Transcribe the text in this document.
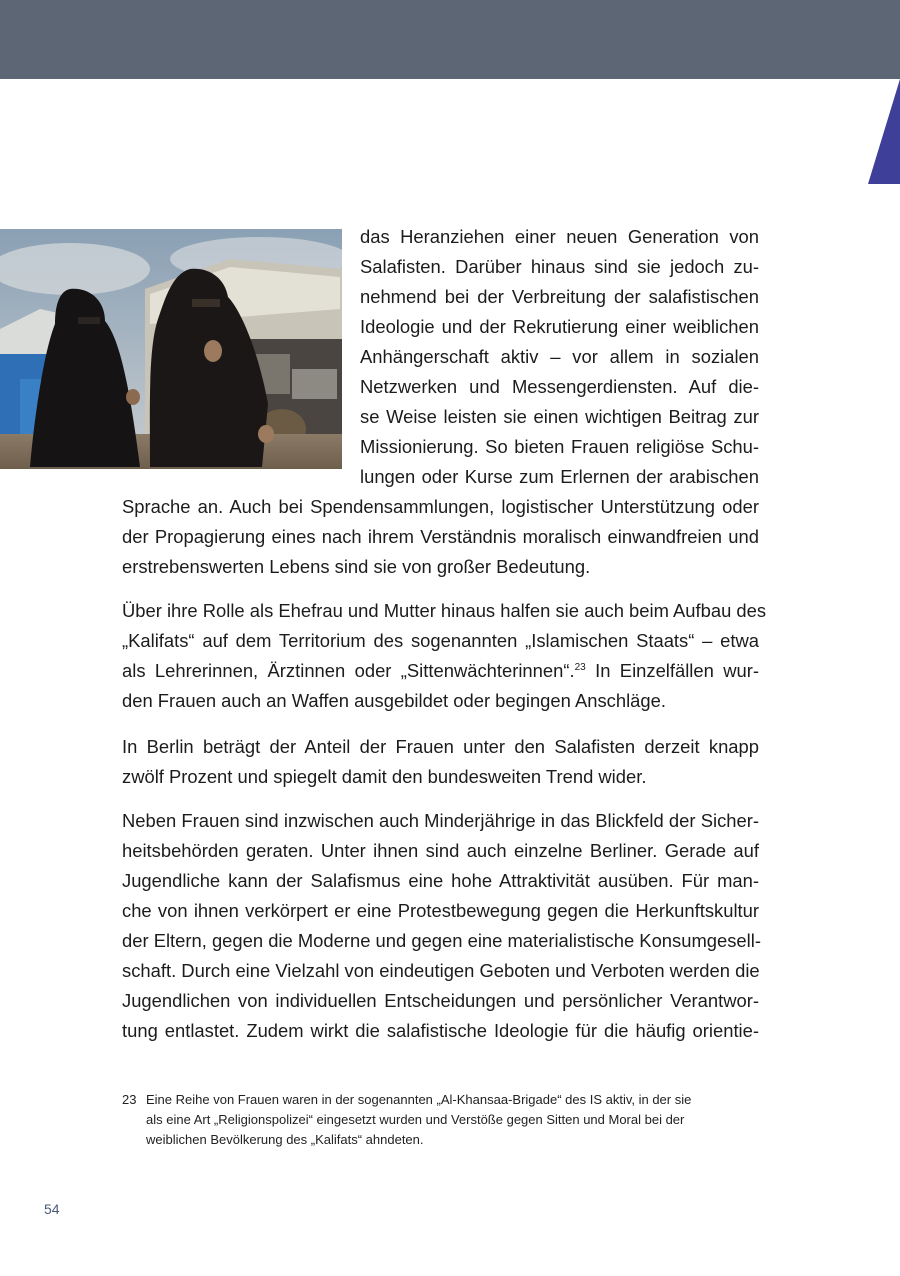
das Heranziehen einer neuen Generation von
Salafisten. Darüber hinaus sind sie jedoch zu-
nehmend bei der Verbreitung der salafistischen
Ideologie und der Rekrutierung einer weiblichen
Anhängerschaft aktiv – vor allem in sozialen
Netzwerken und Messengerdiensten. Auf die-
se Weise leisten sie einen wichtigen Beitrag zur
Missionierung. So bieten Frauen religiöse Schu-
lungen oder Kurse zum Erlernen der arabischen
Sprache an. Auch bei Spendensammlungen, logistischer Unterstützung oder
der Propagierung eines nach ihrem Verständnis moralisch einwandfreien und
erstrebenswerten Lebens sind sie von großer Bedeutung.
Über ihre Rolle als Ehefrau und Mutter hinaus halfen sie auch beim Aufbau des
„Kalifats“ auf dem Territorium des sogenannten „Islamischen Staats“ – etwa
als Lehrerinnen, Ärztinnen oder „Sittenwächterinnen“.$^{23}$ In Einzelfällen wur-
den Frauen auch an Waffen ausgebildet oder begingen Anschläge.
In Berlin beträgt der Anteil der Frauen unter den Salafisten derzeit knapp
zwölf Prozent und spiegelt damit den bundesweiten Trend wider.
Neben Frauen sind inzwischen auch Minderjährige in das Blickfeld der Sicher-
heitsbehörden geraten. Unter ihnen sind auch einzelne Berliner. Gerade auf
Jugendliche kann der Salafismus eine hohe Attraktivität ausüben. Für man-
che von ihnen verkörpert er eine Protestbewegung gegen die Herkunftskultur
der Eltern, gegen die Moderne und gegen eine materialistische Konsumgesell-
schaft. Durch eine Vielzahl von eindeutigen Geboten und Verboten werden die
Jugendlichen von individuellen Entscheidungen und persönlicher Verantwor-
tung entlastet. Zudem wirkt die salafistische Ideologie für die häufig orientie-
23 Eine Reihe von Frauen waren in der sogenannten „Al-Khansaa-Brigade“ des IS aktiv, in der sie
als eine Art „Religionspolizei“ eingesetzt wurden und Verstöße gegen Sitten und Moral bei der
weiblichen Bevölkerung des „Kalifats“ ahndeten.
54
